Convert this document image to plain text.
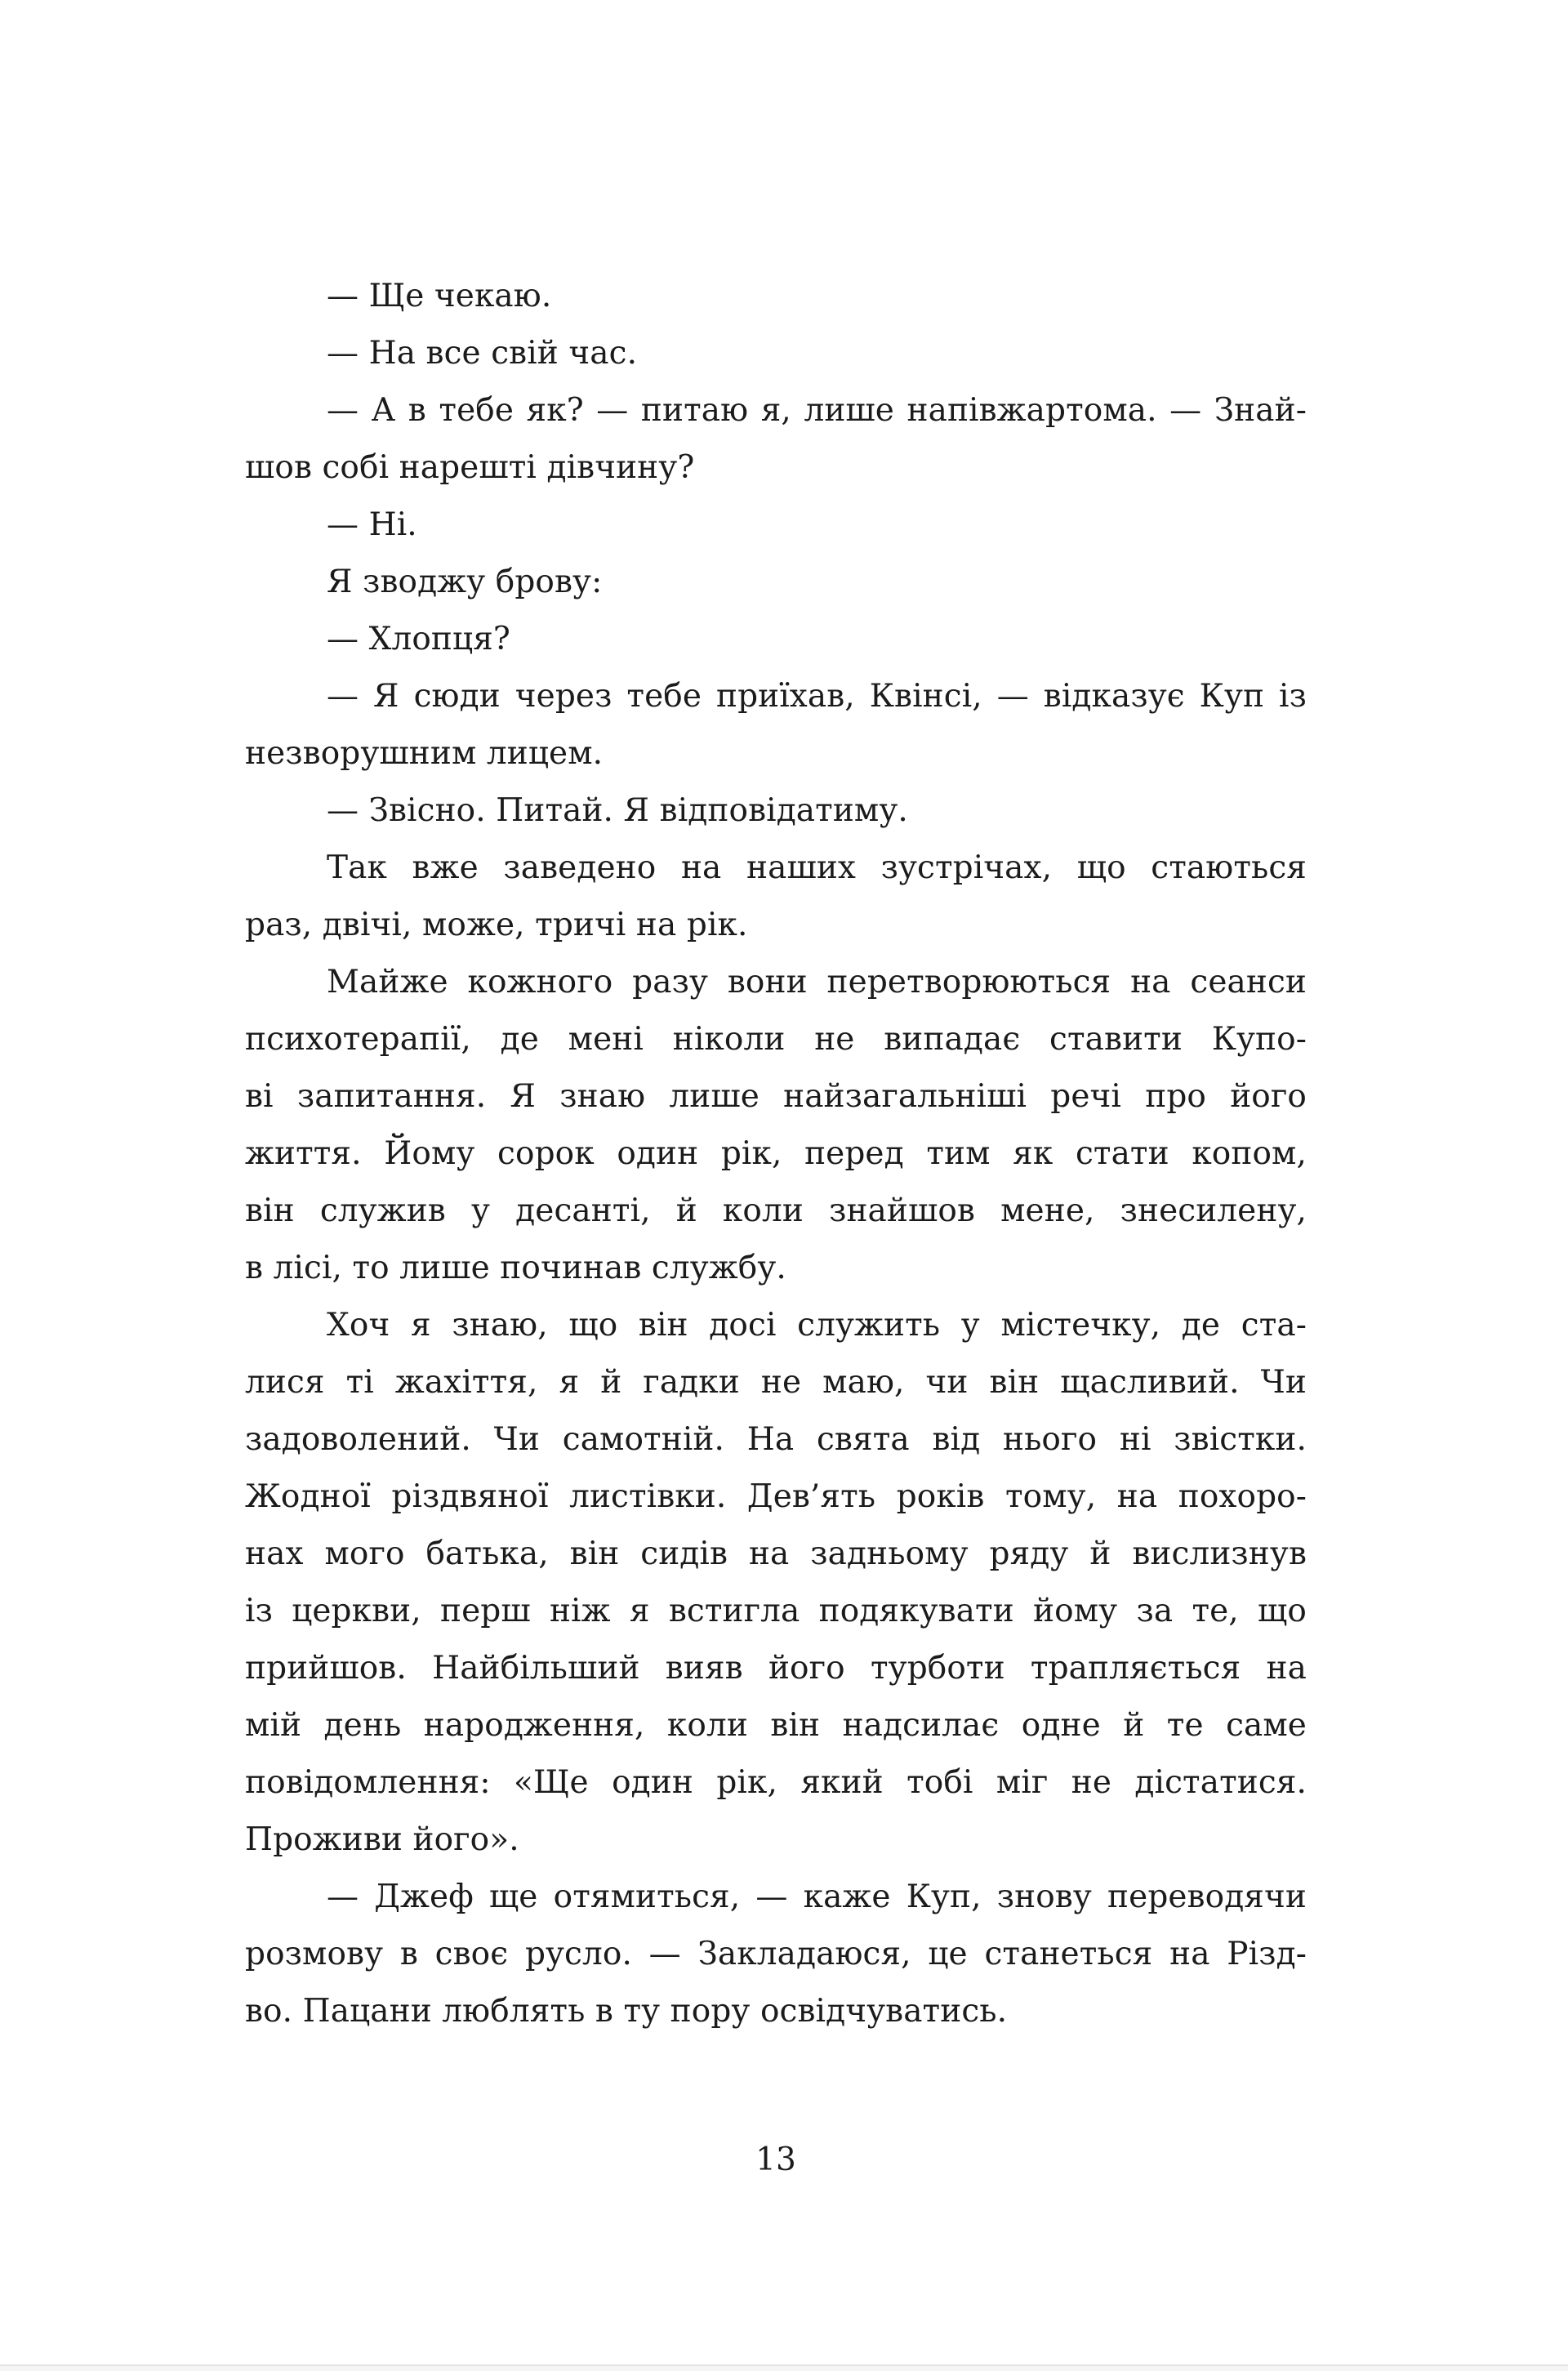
— Ще чекаю.
— На все свій час.
— А в тебе як? — питаю я, лише напівжартома. — Знай-
шов собі нарешті дівчину?
— Ні.
Я зводжу брову:
— Хлопця?
— Я сюди через тебе приїхав, Квінсі, — відказує Куп із
незворушним лицем.
— Звісно. Питай. Я відповідатиму.
Так вже заведено на наших зустрічах, що стаються
раз, двічі, може, тричі на рік.
Майже кожного разу вони перетворюються на сеанси
психотерапії, де мені ніколи не випадає ставити Купо-
ві запитання. Я знаю лише найзагальніші речі про його
життя. Йому сорок один рік, перед тим як стати копом,
він служив у десанті, й коли знайшов мене, знесилену,
в лісі, то лише починав службу.
Хоч я знаю, що він досі служить у містечку, де ста-
лися ті жахіття, я й гадки не маю, чи він щасливий. Чи
задоволений. Чи самотній. На свята від нього ні звістки.
Жодної різдвяної листівки. Дев’ять років тому, на похоро-
нах мого батька, він сидів на задньому ряду й вислизнув
із церкви, перш ніж я встигла подякувати йому за те, що
прийшов. Найбільший вияв його турботи трапляється на
мій день народження, коли він надсилає одне й те саме
повідомлення: «Ще один рік, який тобі міг не дістатися.
Проживи його».
— Джеф ще отямиться, — каже Куп, знову переводячи
розмову в своє русло. — Закладаюся, це станеться на Різд-
во. Пацани люблять в ту пору освідчуватись.
13
